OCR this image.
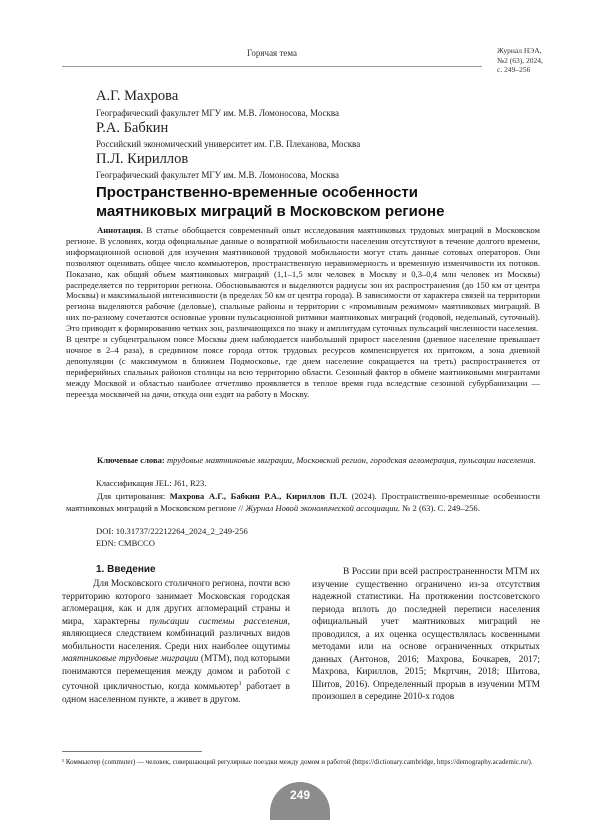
Горячая тема	Журнал НЭА,
№2 (63), 2024,
с. 249–256
А.Г. Махрова
Географический факультет МГУ им. М.В. Ломоносова, Москва
Р.А. Бабкин
Российский экономический университет им. Г.В. Плеханова, Москва
П.Л. Кириллов
Географический факультет МГУ им. М.В. Ломоносова, Москва
Пространственно-временные особенности маятниковых миграций в Московском регионе
Аннотация. В статье обобщается современный опыт исследования маятниковых трудовых миграций в Московском регионе. В условиях, когда официальные данные о возвратной мобильности населения отсутствуют в течение долгого времени, информационной основой для изучения маятниковой трудовой мобильности могут стать данные сотовых операторов. Они позволяют оценивать общее число коммьютеров, пространственную неравномерность и временную изменчивости их потоков. Показано, как общий объем маятниковых миграций (1,1–1,5 млн человек в Москву и 0,3–0,4 млн человек из Москвы) распределяется по территории региона. Обосновываются и выделяются радиусы зон их распространения (до 150 км от центра Москвы) и максимальной интенсивности (в пределах 50 км от центра города). В зависимости от характера связей на территории региона выделяются рабочие (деловые), спальные районы и территории с «промывным режимом» маятниковых миграций. В них по-разному сочетаются основные уровни пульсационной ритмики маятниковых миграций (годовой, недельный, суточный). Это приводит к формированию четких зон, различающихся по знаку и амплитудам суточных пульсаций численности населения.
В центре и субцентральном поясе Москвы днем наблюдается наибольший прирост населения (дневное население превышает ночное в 2–4 раза), в срединном поясе города отток трудовых ресурсов компенсируется их притоком, а зона дневной депопуляции (с максимумом в ближнем Подмосковье, где днем население сокращается на треть) распространяется от периферийных спальных районов столицы на всю территорию области. Сезонный фактор в обмене маятниковыми мигрантами между Москвой и областью наиболее отчетливо проявляется в теплое время года вследствие сезонной субурбанизации — переезда москвичей на дачи, откуда они ездят на работу в Москву.
Ключевые слова: трудовые маятниковые миграции, Московский регион, городская агломерация, пульсации населения.
Классификация JEL: J61, R23.
Для цитирования: Махрова А.Г., Бабкин Р.А., Кириллов П.Л. (2024). Пространственно-временные особенности маятниковых миграций в Московском регионе // Журнал Новой экономической ассоциации. № 2 (63). С. 249–256.
DOI: 10.31737/22212264_2024_2_249-256
EDN: CMBCCO
1. Введение
Для Московского столичного региона, почти всю территорию которого занимает Московская городская агломерация, как и для других агломераций страны и мира, характерны пульсации системы расселения, являющиеся следствием комбинаций различных видов мобильности населения. Среди них наиболее ощутимы маятниковые трудовые миграции (МТМ), под которыми понимаются перемещения между домом и работой с суточной цикличностью, когда коммьютер$^1$ работает в одном населенном пункте, а живет в другом.
В России при всей распространенности МТМ их изучение существенно ограничено из-за отсутствия надежной статистики. На протяжении постсоветского периода вплоть до последней переписи населения официальный учет маятниковых миграций не проводился, а их оценка осуществлялась косвенными методами или на основе ограниченных открытых данных (Антонов, 2016; Махрова, Бочкарев, 2017; Махрова, Кириллов, 2015; Мкртчян, 2018; Шитова, Шитов, 2016). Определенный прорыв в изучении МТМ произошел в середине 2010-х годов
¹ Коммьютер (commuter) — человек, совершающий регулярные поездки между домом и работой (https://dictionary.cambridge, https://demography.academic.ru/).
249
